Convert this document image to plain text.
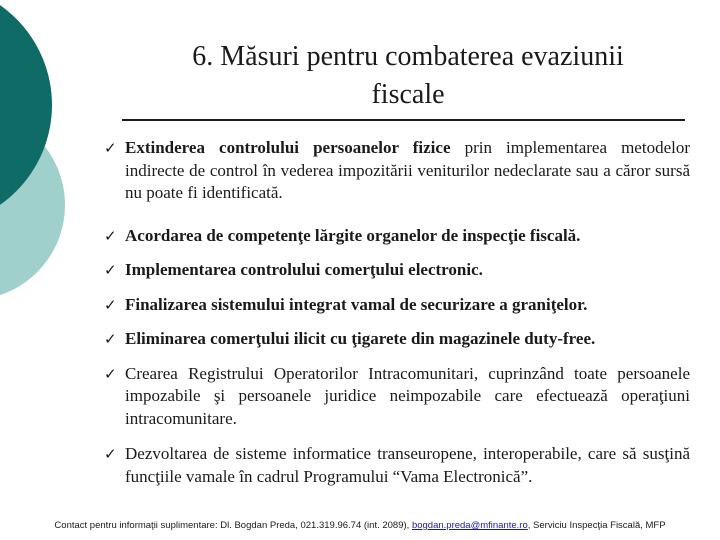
6. Măsuri pentru combaterea evaziunii
fiscale
✓ Extinderea controlului persoanelor fizice prin implementarea metodelor indirecte de control în vederea impozitării veniturilor nedeclarate sau a căror sursă nu poate fi identificată.
✓ Acordarea de competenţe lărgite organelor de inspecţie fiscală.
✓ Implementarea controlului comerţului electronic.
✓ Finalizarea sistemului integrat vamal de securizare a graniţelor.
✓ Eliminarea comerţului ilicit cu ţigarete din magazinele duty-free.
✓ Crearea Registrului Operatorilor Intracomunitari, cuprinzând toate persoanele impozabile şi persoanele juridice neimpozabile care efectuează operaţiuni intracomunitare.
✓ Dezvoltarea de sisteme informatice transeuropene, interoperabile, care să susţină funcţiile vamale în cadrul Programului “Vama Electronică”.
Contact pentru informaţii suplimentare: Dl. Bogdan Preda, 021.319.96.74 (int. 2089), bogdan.preda@mfinante.ro, Serviciu Inspecţia Fiscală, MFP
